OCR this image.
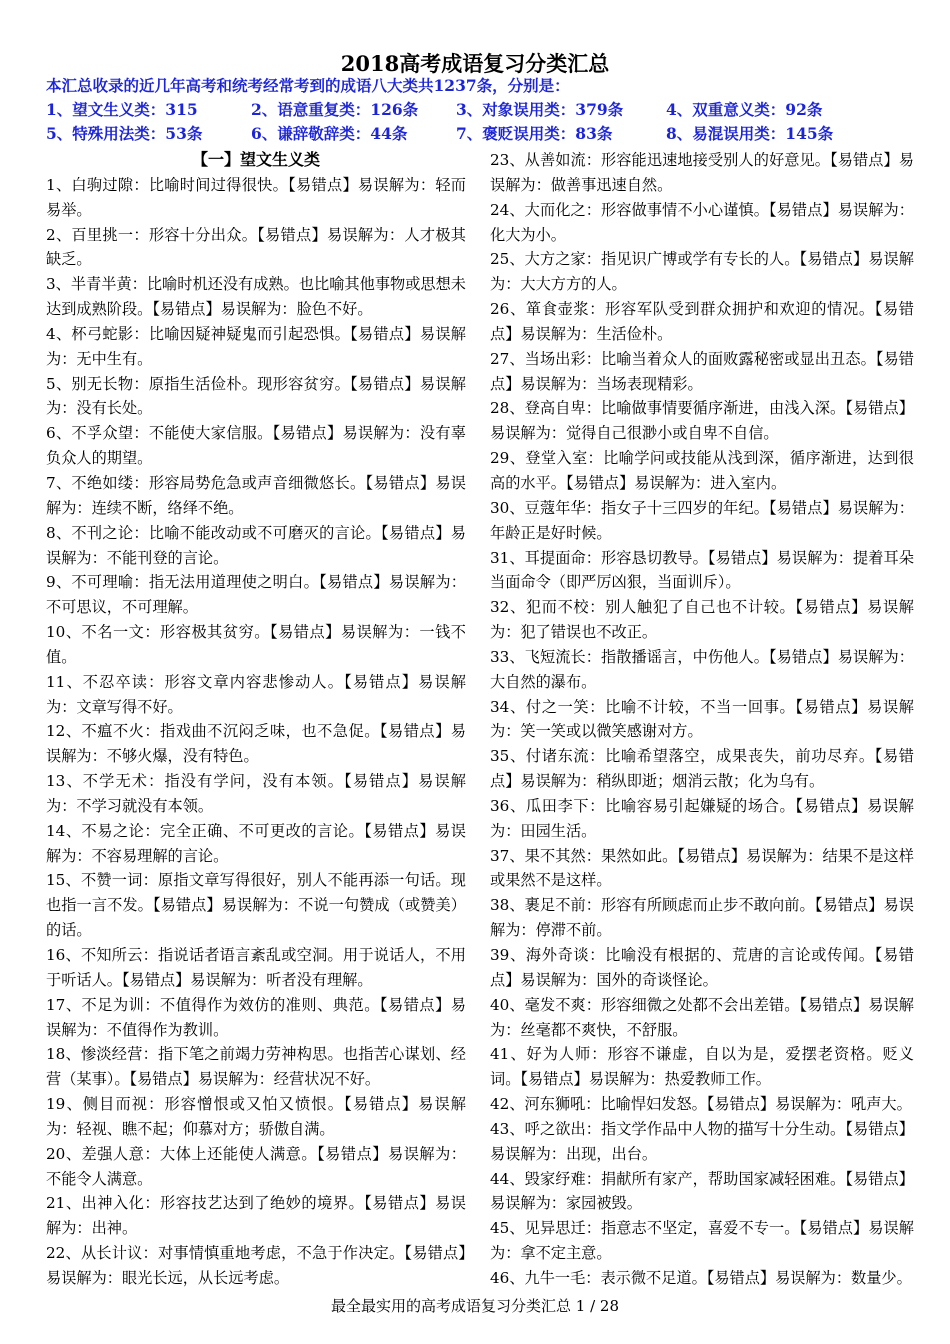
2018高考成语复习分类汇总
本汇总收录的近几年高考和统考经常考到的成语八大类共1237条，分别是：
1、望文生义类：315	2、语意重复类：126条	3、对象误用类：379条	4、双重意义类：92条
5、特殊用法类：53条	6、谦辞敬辞类：44条	7、褒贬误用类：83条	8、易混误用类：145条
【一】望文生义类

1、白驹过隙：比喻时间过得很快。【易错点】易误解为：轻而易举。

2、百里挑一：形容十分出众。【易错点】易误解为：人才极其缺乏。

3、半青半黄：比喻时机还没有成熟。也比喻其他事物或思想未达到成熟阶段。【易错点】易误解为：脸色不好。

4、杯弓蛇影：比喻因疑神疑鬼而引起恐惧。【易错点】易误解为：无中生有。

5、别无长物：原指生活俭朴。现形容贫穷。【易错点】易误解为：没有长处。

6、不孚众望：不能使大家信服。【易错点】易误解为：没有辜负众人的期望。

7、不绝如缕：形容局势危急或声音细微悠长。【易错点】易误解为：连续不断，络绎不绝。

8、不刊之论：比喻不能改动或不可磨灭的言论。【易错点】易误解为：不能刊登的言论。

9、不可理喻：指无法用道理使之明白。【易错点】易误解为：不可思议，不可理解。

10、不名一文：形容极其贫穷。【易错点】易误解为：一钱不值。

11、不忍卒读：形容文章内容悲惨动人。【易错点】易误解为：文章写得不好。

12、不瘟不火：指戏曲不沉闷乏味，也不急促。【易错点】易误解为：不够火爆，没有特色。

13、不学无术：指没有学问，没有本领。【易错点】易误解为：不学习就没有本领。

14、不易之论：完全正确、不可更改的言论。【易错点】易误解为：不容易理解的言论。

15、不赞一词：原指文章写得很好，别人不能再添一句话。现也指一言不发。【易错点】易误解为：不说一句赞成（或赞美）的话。

16、不知所云：指说话者语言紊乱或空洞。用于说话人，不用于听话人。【易错点】易误解为：听者没有理解。

17、不足为训：不值得作为效仿的准则、典范。【易错点】易误解为：不值得作为教训。

18、惨淡经营：指下笔之前竭力劳神构思。也指苦心谋划、经营（某事）。【易错点】易误解为：经营状况不好。

19、侧目而视：形容憎恨或又怕又愤恨。【易错点】易误解为：轻视、瞧不起；仰慕对方；骄傲自满。

20、差强人意：大体上还能使人满意。【易错点】易误解为：不能令人满意。

21、出神入化：形容技艺达到了绝妙的境界。【易错点】易误解为：出神。

22、从长计议：对事情慎重地考虑，不急于作决定。【易错点】易误解为：眼光长远，从长远考虑。

23、从善如流：形容能迅速地接受别人的好意见。【易错点】易误解为：做善事迅速自然。

24、大而化之：形容做事情不小心谨慎。【易错点】易误解为：化大为小。

25、大方之家：指见识广博或学有专长的人。【易错点】易误解为：大大方方的人。

26、箪食壶浆：形容军队受到群众拥护和欢迎的情况。【易错点】易误解为：生活俭朴。

27、当场出彩：比喻当着众人的面败露秘密或显出丑态。【易错点】易误解为：当场表现精彩。

28、登高自卑：比喻做事情要循序渐进，由浅入深。【易错点】易误解为：觉得自己很渺小或自卑不自信。

29、登堂入室：比喻学问或技能从浅到深，循序渐进，达到很高的水平。【易错点】易误解为：进入室内。

30、豆蔻年华：指女子十三四岁的年纪。【易错点】易误解为：年龄正是好时候。

31、耳提面命：形容恳切教导。【易错点】易误解为：提着耳朵当面命令（即严厉凶狠，当面训斥）。

32、犯而不校：别人触犯了自己也不计较。【易错点】易误解为：犯了错误也不改正。

33、飞短流长：指散播谣言，中伤他人。【易错点】易误解为：大自然的瀑布。

34、付之一笑：比喻不计较，不当一回事。【易错点】易误解为：笑一笑或以微笑感谢对方。

35、付诸东流：比喻希望落空，成果丧失，前功尽弃。【易错点】易误解为：稍纵即逝；烟消云散；化为乌有。

36、瓜田李下：比喻容易引起嫌疑的场合。【易错点】易误解为：田园生活。

37、果不其然：果然如此。【易错点】易误解为：结果不是这样或果然不是这样。

38、裹足不前：形容有所顾虑而止步不敢向前。【易错点】易误解为：停滞不前。

39、海外奇谈：比喻没有根据的、荒唐的言论或传闻。【易错点】易误解为：国外的奇谈怪论。

40、毫发不爽：形容细微之处都不会出差错。【易错点】易误解为：丝毫都不爽快，不舒服。

41、好为人师：形容不谦虚，自以为是，爱摆老资格。贬义词。【易错点】易误解为：热爱教师工作。

42、河东狮吼：比喻悍妇发怒。【易错点】易误解为：吼声大。

43、呼之欲出：指文学作品中人物的描写十分生动。【易错点】易误解为：出现，出台。

44、毁家纾难：捐献所有家产，帮助国家减轻困难。【易错点】易误解为：家园被毁。

45、见异思迁：指意志不坚定，喜爱不专一。【易错点】易误解为：拿不定主意。

46、九牛一毛：表示微不足道。【易错点】易误解为：数量少。

最全最实用的高考成语复习分类汇总 1 / 28
